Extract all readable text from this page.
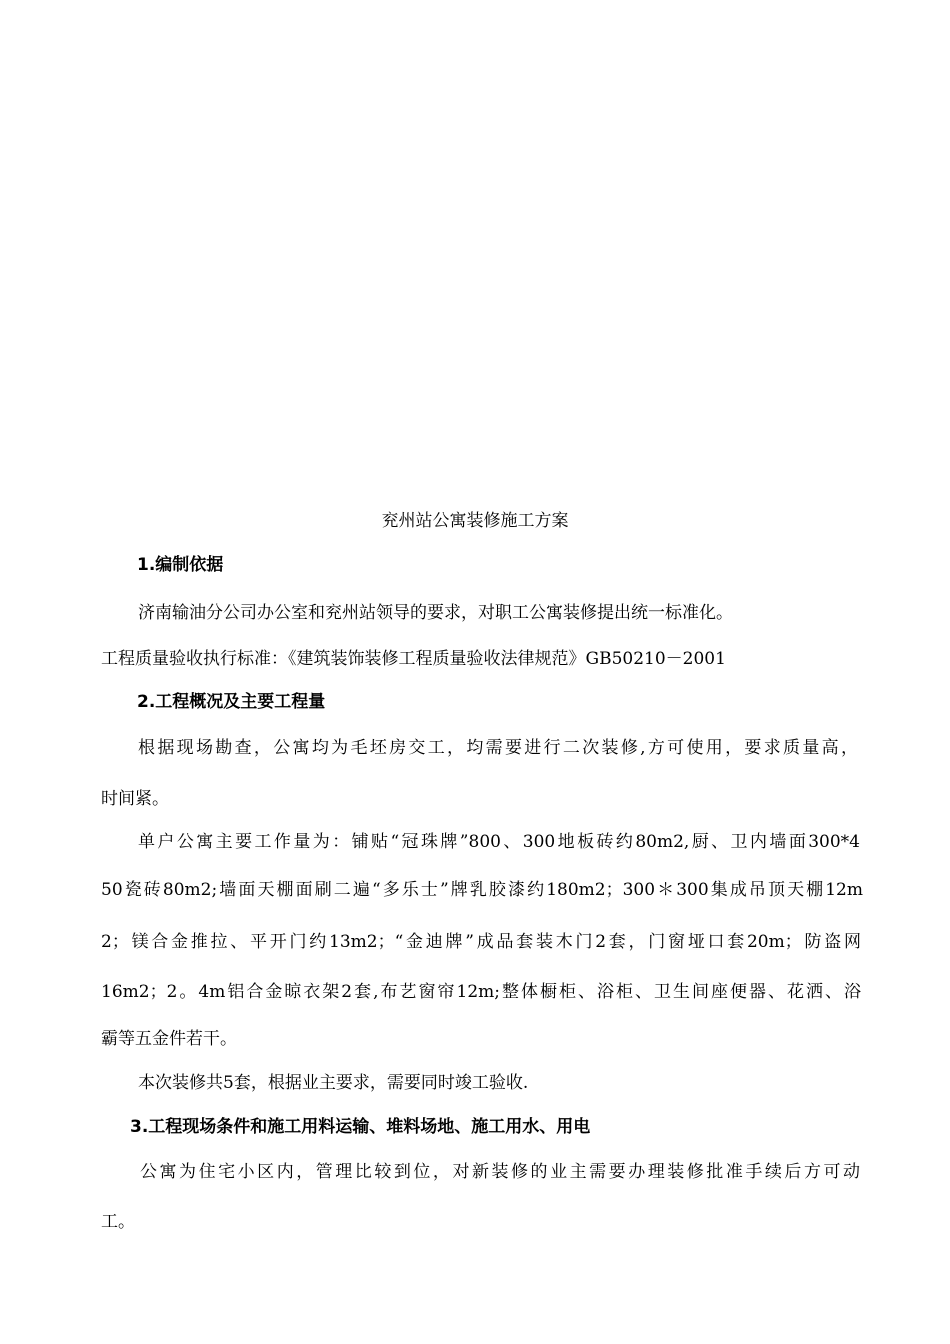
兖州站公寓装修施工方案
1.编制依据
济南输油分公司办公室和兖州站领导的要求，对职工公寓装修提出统一标准化。
工程质量验收执行标准：《建筑装饰装修工程质量验收法律规范》GB50210－2001
2.工程概况及主要工程量
根据现场勘查，公寓均为毛坯房交工，均需要进行二次装修,方可使用，要求质量高，
时间紧。
单户公寓主要工作量为：铺贴“冠珠牌”800、300地板砖约80m2,厨、卫内墙面300*4
50瓷砖80m2;墙面天棚面刷二遍“多乐士”牌乳胶漆约180m2；300＊300集成吊顶天棚12m
2；镁合金推拉、平开门约13m2；“金迪牌”成品套装木门2套，门窗垭口套20m；防盗网
16m2；2。4m铝合金晾衣架2套,布艺窗帘12m;整体橱柜、浴柜、卫生间座便器、花洒、浴
霸等五金件若干。
本次装修共5套，根据业主要求，需要同时竣工验收.
3.工程现场条件和施工用料运输、堆料场地、施工用水、用电
公寓为住宅小区内，管理比较到位，对新装修的业主需要办理装修批准手续后方可动
工。
